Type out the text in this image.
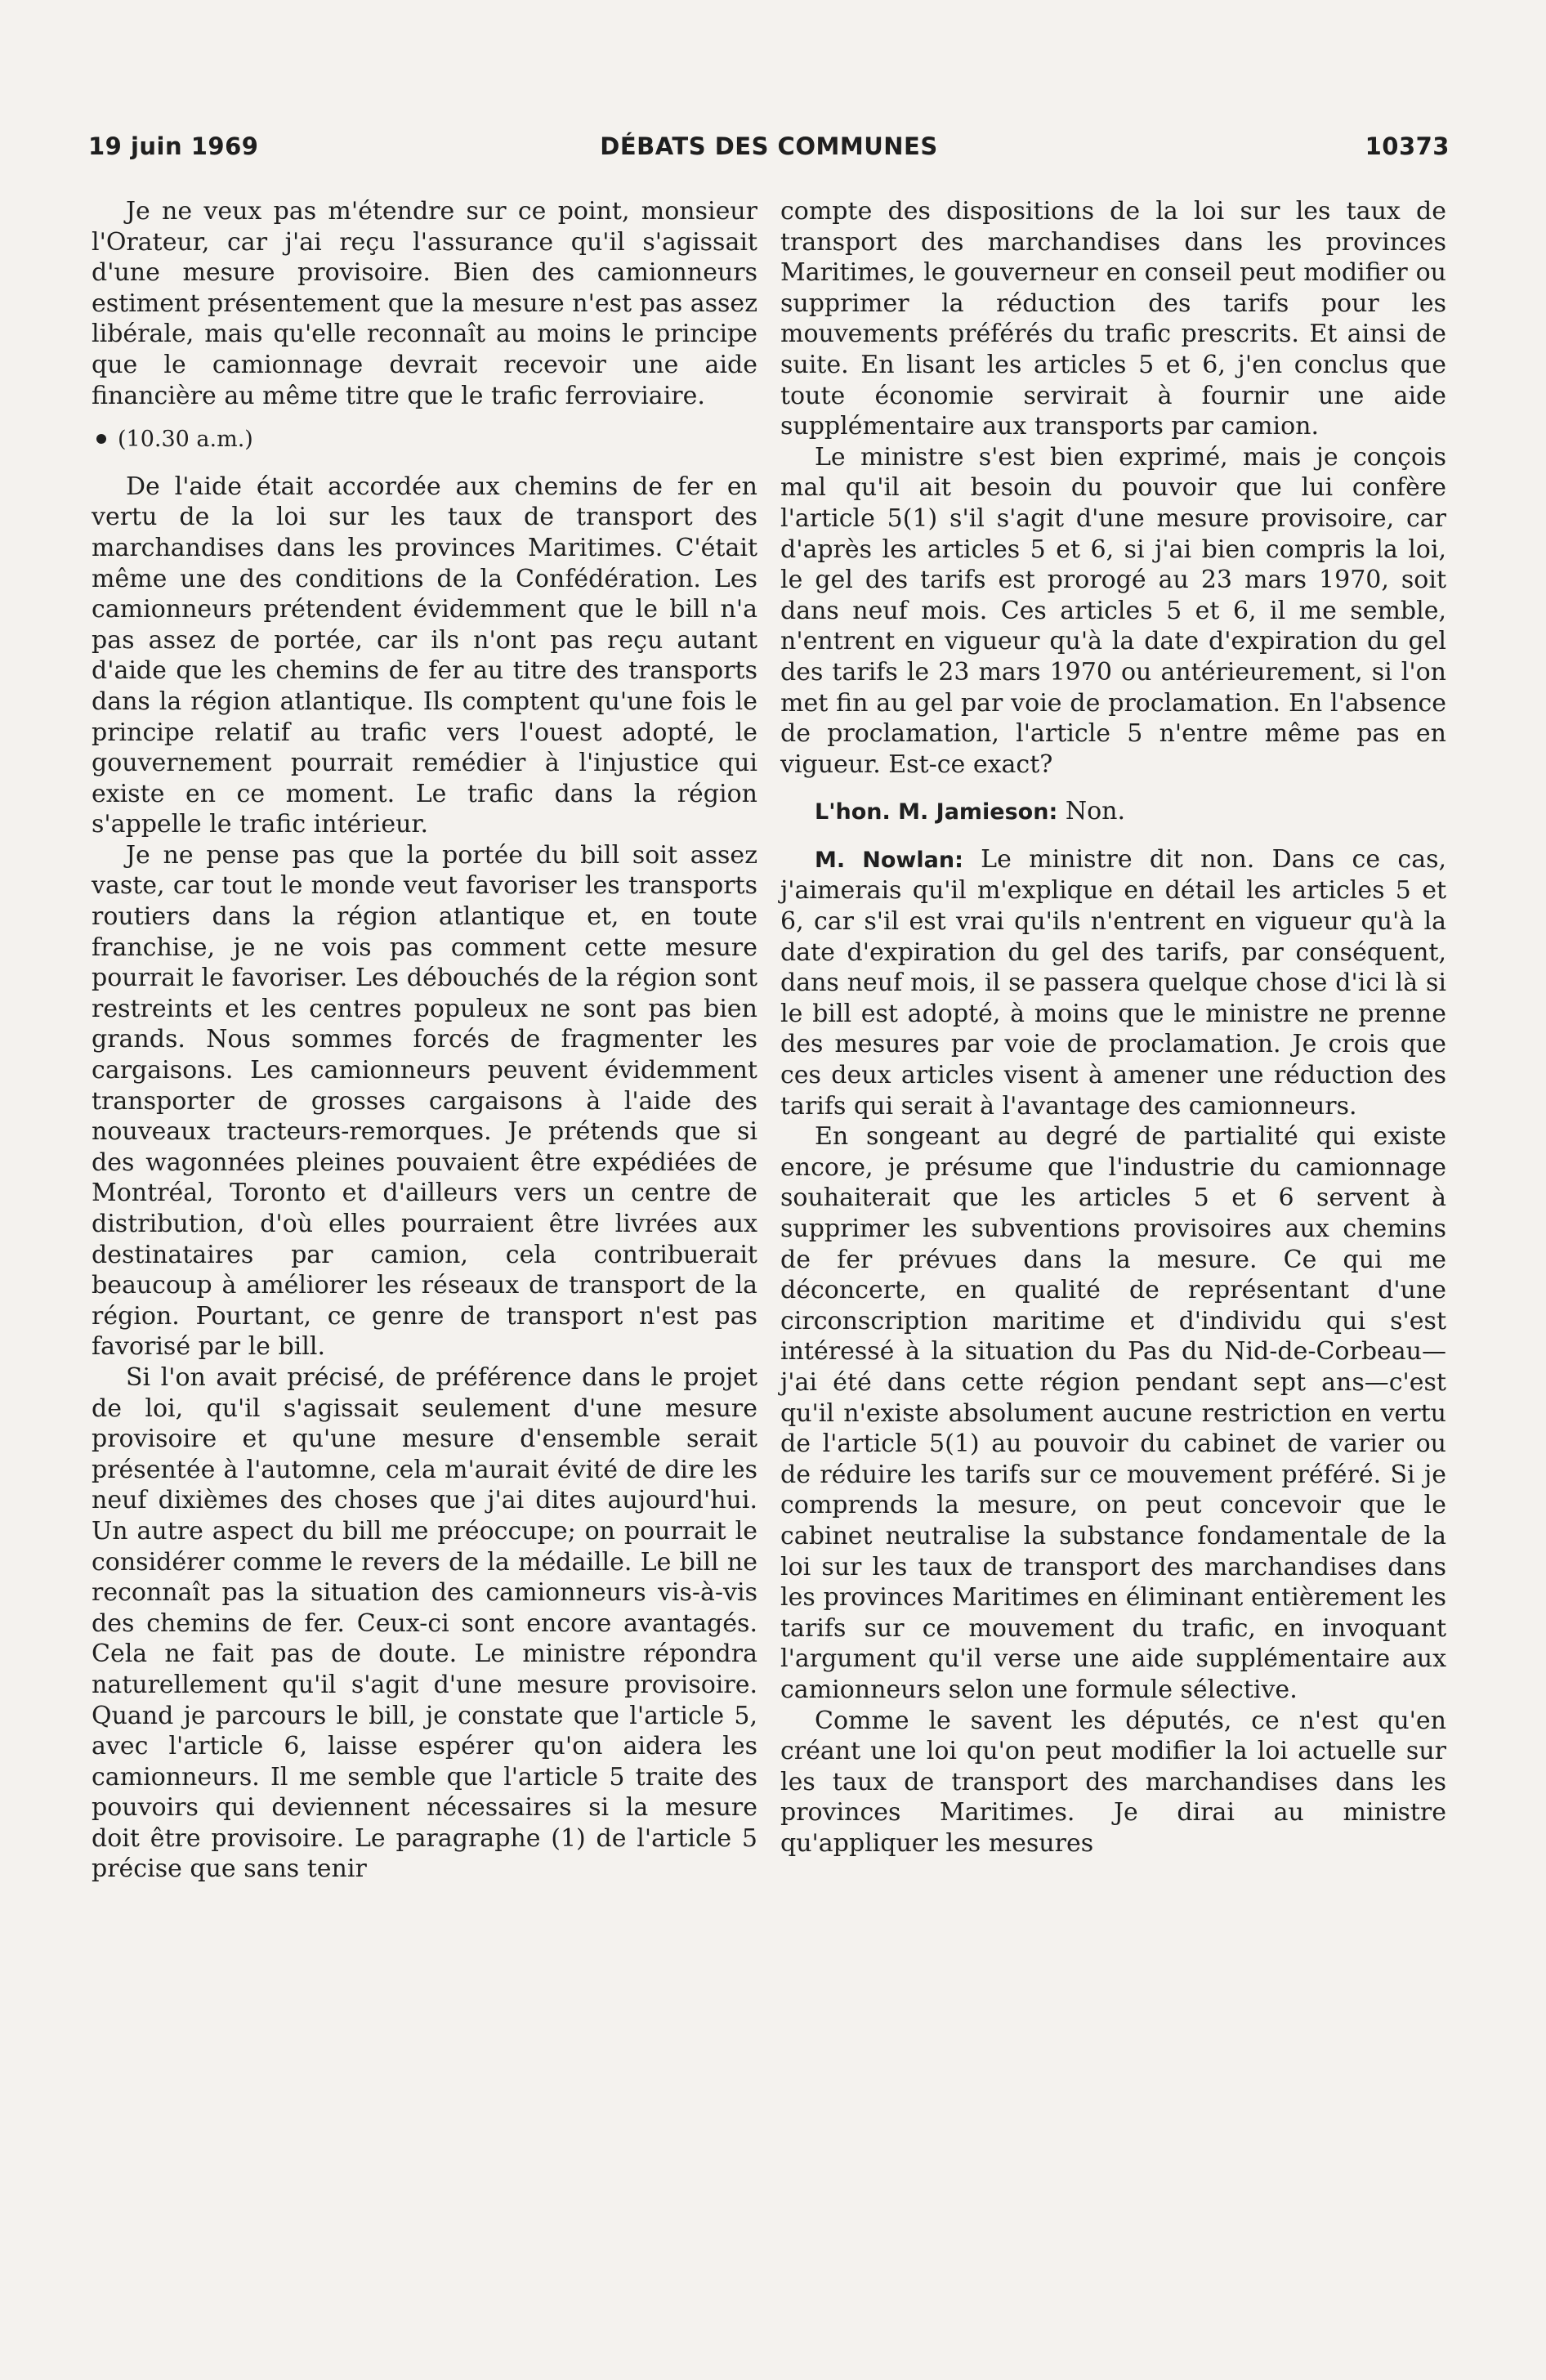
19 juin 1969	DÉBATS DES COMMUNES	10373

Je ne veux pas m'étendre sur ce point, monsieur l'Orateur, car j'ai reçu l'assurance qu'il s'agissait d'une mesure provisoire. Bien des camionneurs estiment présentement que la mesure n'est pas assez libérale, mais qu'elle reconnaît au moins le principe que le camionnage devrait recevoir une aide financière au même titre que le trafic ferroviaire.

(10.30 a.m.)

De l'aide était accordée aux chemins de fer en vertu de la loi sur les taux de transport des marchandises dans les provinces Maritimes. C'était même une des conditions de la Confédération. Les camionneurs prétendent évidemment que le bill n'a pas assez de portée, car ils n'ont pas reçu autant d'aide que les chemins de fer au titre des transports dans la région atlantique. Ils comptent qu'une fois le principe relatif au trafic vers l'ouest adopté, le gouvernement pourrait remédier à l'injustice qui existe en ce moment. Le trafic dans la région s'appelle le trafic intérieur.

Je ne pense pas que la portée du bill soit assez vaste, car tout le monde veut favoriser les transports routiers dans la région atlantique et, en toute franchise, je ne vois pas comment cette mesure pourrait le favoriser. Les débouchés de la région sont restreints et les centres populeux ne sont pas bien grands. Nous sommes forcés de fragmenter les cargaisons. Les camionneurs peuvent évidemment transporter de grosses cargaisons à l'aide des nouveaux tracteurs-remorques. Je prétends que si des wagonnées pleines pouvaient être expédiées de Montréal, Toronto et d'ailleurs vers un centre de distribution, d'où elles pourraient être livrées aux destinataires par camion, cela contribuerait beaucoup à améliorer les réseaux de transport de la région. Pourtant, ce genre de transport n'est pas favorisé par le bill.

Si l'on avait précisé, de préférence dans le projet de loi, qu'il s'agissait seulement d'une mesure provisoire et qu'une mesure d'ensemble serait présentée à l'automne, cela m'aurait évité de dire les neuf dixièmes des choses que j'ai dites aujourd'hui. Un autre aspect du bill me préoccupe; on pourrait le considérer comme le revers de la médaille. Le bill ne reconnaît pas la situation des camionneurs vis-à-vis des chemins de fer. Ceux-ci sont encore avantagés. Cela ne fait pas de doute. Le ministre répondra naturellement qu'il s'agit d'une mesure provisoire. Quand je parcours le bill, je constate que l'article 5, avec l'article 6, laisse espérer qu'on aidera les camionneurs. Il me semble que l'article 5 traite des pouvoirs qui deviennent nécessaires si la mesure doit être provisoire. Le paragraphe (1) de l'article 5 précise que sans tenir

compte des dispositions de la loi sur les taux de transport des marchandises dans les provinces Maritimes, le gouverneur en conseil peut modifier ou supprimer la réduction des tarifs pour les mouvements préférés du trafic prescrits. Et ainsi de suite. En lisant les articles 5 et 6, j'en conclus que toute économie servirait à fournir une aide supplémentaire aux transports par camion.

Le ministre s'est bien exprimé, mais je conçois mal qu'il ait besoin du pouvoir que lui confère l'article 5(1) s'il s'agit d'une mesure provisoire, car d'après les articles 5 et 6, si j'ai bien compris la loi, le gel des tarifs est prorogé au 23 mars 1970, soit dans neuf mois. Ces articles 5 et 6, il me semble, n'entrent en vigueur qu'à la date d'expiration du gel des tarifs le 23 mars 1970 ou antérieurement, si l'on met fin au gel par voie de proclamation. En l'absence de proclamation, l'article 5 n'entre même pas en vigueur. Est-ce exact?

L'hon. M. Jamieson: Non.

M. Nowlan: Le ministre dit non. Dans ce cas, j'aimerais qu'il m'explique en détail les articles 5 et 6, car s'il est vrai qu'ils n'entrent en vigueur qu'à la date d'expiration du gel des tarifs, par conséquent, dans neuf mois, il se passera quelque chose d'ici là si le bill est adopté, à moins que le ministre ne prenne des mesures par voie de proclamation. Je crois que ces deux articles visent à amener une réduction des tarifs qui serait à l'avantage des camionneurs.

En songeant au degré de partialité qui existe encore, je présume que l'industrie du camionnage souhaiterait que les articles 5 et 6 servent à supprimer les subventions provisoires aux chemins de fer prévues dans la mesure. Ce qui me déconcerte, en qualité de représentant d'une circonscription maritime et d'individu qui s'est intéressé à la situation du Pas du Nid-de-Corbeau—j'ai été dans cette région pendant sept ans—c'est qu'il n'existe absolument aucune restriction en vertu de l'article 5(1) au pouvoir du cabinet de varier ou de réduire les tarifs sur ce mouvement préféré. Si je comprends la mesure, on peut concevoir que le cabinet neutralise la substance fondamentale de la loi sur les taux de transport des marchandises dans les provinces Maritimes en éliminant entièrement les tarifs sur ce mouvement du trafic, en invoquant l'argument qu'il verse une aide supplémentaire aux camionneurs selon une formule sélective.

Comme le savent les députés, ce n'est qu'en créant une loi qu'on peut modifier la loi actuelle sur les taux de transport des marchandises dans les provinces Maritimes. Je dirai au ministre qu'appliquer les mesures
